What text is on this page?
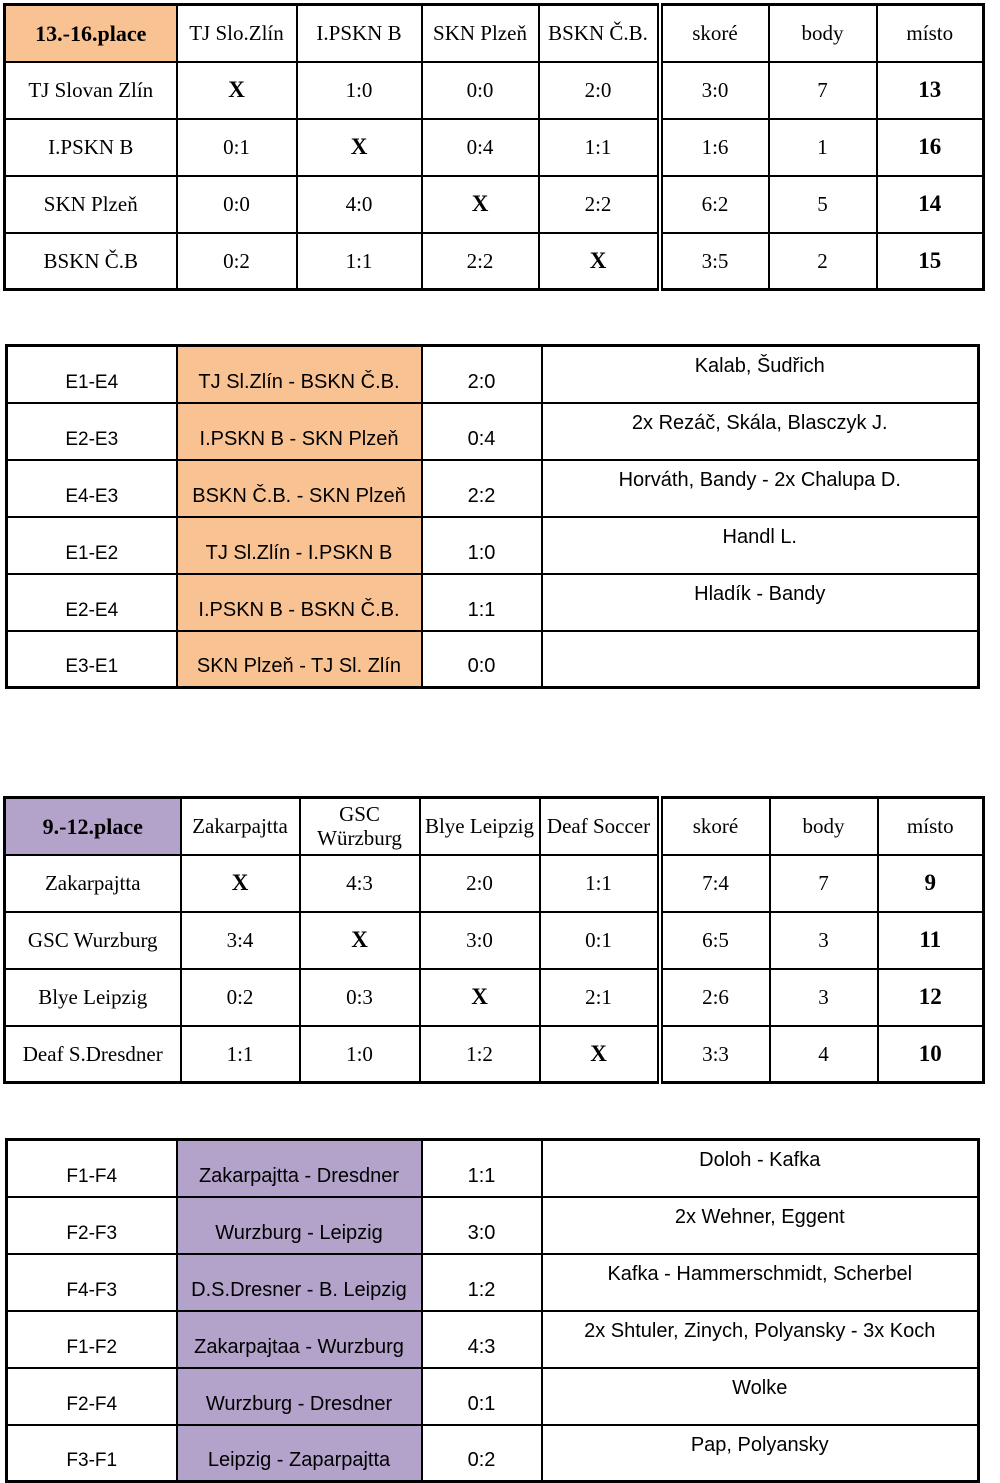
13.-16.place	TJ Slo.Zlín	I.PSKN B	SKN Plzeň	BSKN Č.B.	skoré	body	místo
TJ Slovan Zlín	X	1:0	0:0	2:0	3:0	7	13
I.PSKN B	0:1	X	0:4	1:1	1:6	1	16
SKN Plzeň	0:0	4:0	X	2:2	6:2	5	14
BSKN Č.B	0:2	1:1	2:2	X	3:5	2	15
E1-E4	TJ Sl.Zlín - BSKN Č.B.	2:0	Kalab, Šudřich
E2-E3	I.PSKN B - SKN Plzeň	0:4	2x Rezáč, Skála, Blasczyk J.
E4-E3	BSKN Č.B. - SKN Plzeň	2:2	Horváth, Bandy - 2x Chalupa D.
E1-E2	TJ Sl.Zlín - I.PSKN B	1:0	Handl L.
E2-E4	I.PSKN B - BSKN Č.B.	1:1	Hladík - Bandy
E3-E1	SKN Plzeň - TJ Sl. Zlín	0:0	
9.-12.place	Zakarpajtta	GSC Würzburg	Blye Leipzig	Deaf Soccer	skoré	body	místo
Zakarpajtta	X	4:3	2:0	1:1	7:4	7	9
GSC Wurzburg	3:4	X	3:0	0:1	6:5	3	11
Blye Leipzig	0:2	0:3	X	2:1	2:6	3	12
Deaf S.Dresdner	1:1	1:0	1:2	X	3:3	4	10
F1-F4	Zakarpajtta - Dresdner	1:1	Doloh - Kafka
F2-F3	Wurzburg - Leipzig	3:0	2x Wehner, Eggent
F4-F3	D.S.Dresner - B. Leipzig	1:2	Kafka - Hammerschmidt, Scherbel
F1-F2	Zakarpajtaa - Wurzburg	4:3	2x Shtuler, Zinych, Polyansky - 3x Koch
F2-F4	Wurzburg - Dresdner	0:1	Wolke
F3-F1	Leipzig - Zaparpajtta	0:2	Pap, Polyansky
